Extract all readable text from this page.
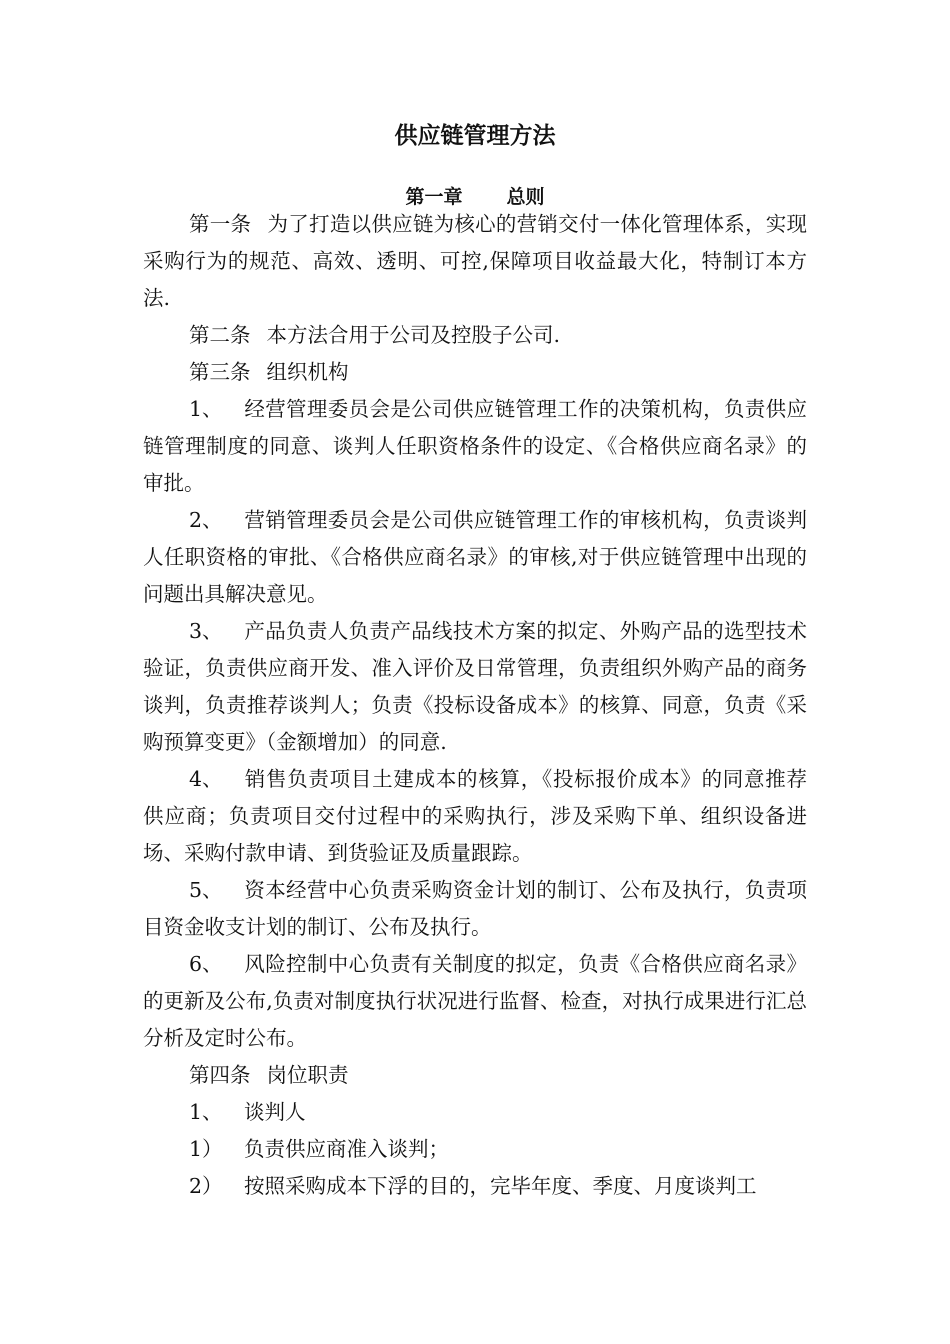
供应链管理方法
第一章 总则

第一条 为了打造以供应链为核心的营销交付一体化管理体系，实现采购行为的规范、高效、透明、可控,保障项目收益最大化，特制订本方法.

第二条 本方法合用于公司及控股子公司.

第三条 组织机构

1、 经营管理委员会是公司供应链管理工作的决策机构，负责供应链管理制度的同意、谈判人任职资格条件的设定、《合格供应商名录》的审批。

2、 营销管理委员会是公司供应链管理工作的审核机构，负责谈判人任职资格的审批、《合格供应商名录》的审核,对于供应链管理中出现的问题出具解决意见。

3、 产品负责人负责产品线技术方案的拟定、外购产品的选型技术验证，负责供应商开发、准入评价及日常管理，负责组织外购产品的商务谈判，负责推荐谈判人；负责《投标设备成本》的核算、同意，负责《采购预算变更》（金额增加）的同意.

4、 销售负责项目土建成本的核算，《投标报价成本》的同意推荐供应商；负责项目交付过程中的采购执行，涉及采购下单、组织设备进场、采购付款申请、到货验证及质量跟踪。

5、 资本经营中心负责采购资金计划的制订、公布及执行，负责项目资金收支计划的制订、公布及执行。

6、 风险控制中心负责有关制度的拟定，负责《合格供应商名录》的更新及公布,负责对制度执行状况进行监督、检查，对执行成果进行汇总分析及定时公布。

第四条 岗位职责

1、 谈判人

1） 负责供应商准入谈判；

2） 按照采购成本下浮的目的，完毕年度、季度、月度谈判工
